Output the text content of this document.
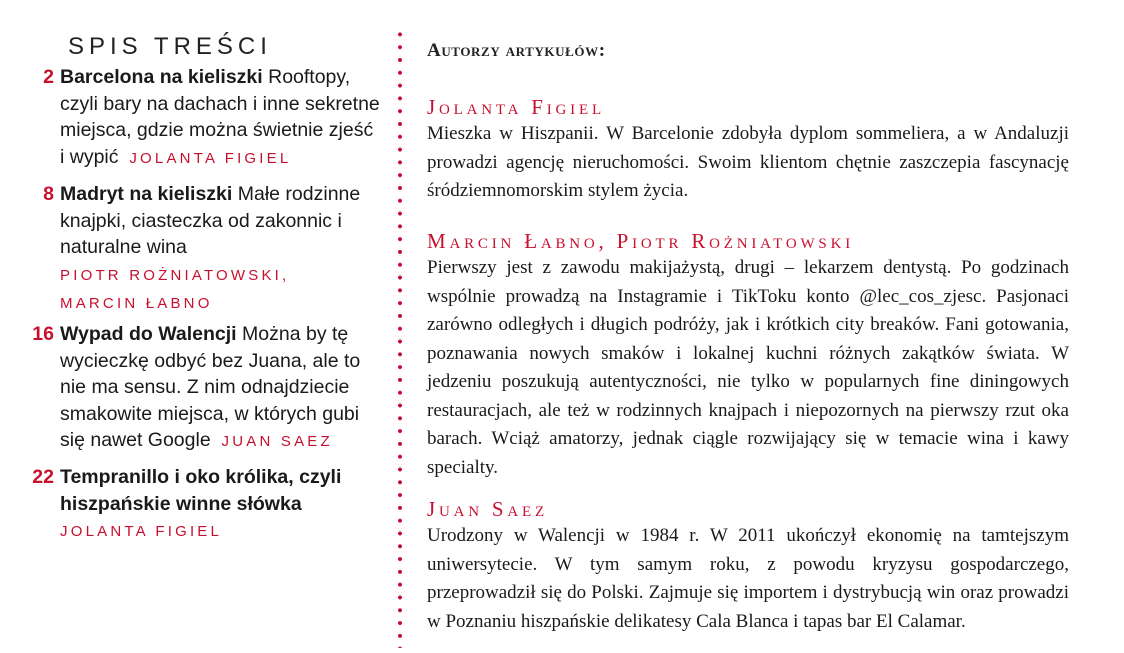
SPIS TREŚCI
2 Barcelona na kieliszki Rooftopy, czyli bary na dachach i inne sekretne miejsca, gdzie można świetnie zjeść i wypić JOLANTA FIGIEL
8 Madryt na kieliszki Małe rodzinne knajpki, ciasteczka od zakonnic i naturalne wina
PIOTR ROŻNIATOWSKI,
MARCIN ŁABNO
16 Wypad do Walencji Można by tę wycieczkę odbyć bez Juana, ale to nie ma sensu. Z nim odnajdziecie smakowite miejsca, w których gubi się nawet Google JUAN SAEZ
22 Tempranillo i oko królika, czyli hiszpańskie winne słówka
JOLANTA FIGIEL
Autorzy artykułów:
Jolanta Figiel
Mieszka w Hiszpanii. W Barcelonie zdobyła dyplom sommeliera, a w Andaluzji prowadzi agencję nieruchomości. Swoim klientom chętnie zaszczepia fascynację śródziemnomorskim stylem życia.
Marcin Łabno, Piotr Rożniatowski
Pierwszy jest z zawodu makijażystą, drugi – lekarzem dentystą. Po godzinach wspólnie prowadzą na Instagramie i TikToku konto @lec_cos_zjesc. Pasjonaci zarówno odległych i długich podróży, jak i krótkich city breaków. Fani gotowania, poznawania nowych smaków i lokalnej kuchni różnych zakątków świata. W jedzeniu poszukują autentyczności, nie tylko w popularnych fine diningowych restauracjach, ale też w rodzinnych knajpach i niepozornych na pierwszy rzut oka barach. Wciąż amatorzy, jednak ciągle rozwijający się w temacie wina i kawy specialty.
Juan Saez
Urodzony w Walencji w 1984 r. W 2011 ukończył ekonomię na tamtejszym uniwersytecie. W tym samym roku, z powodu kryzysu gospodarczego, przeprowadził się do Polski. Zajmuje się importem i dystrybucją win oraz prowadzi w Poznaniu hiszpańskie delikatesy Cala Blanca i tapas bar El Calamar.
